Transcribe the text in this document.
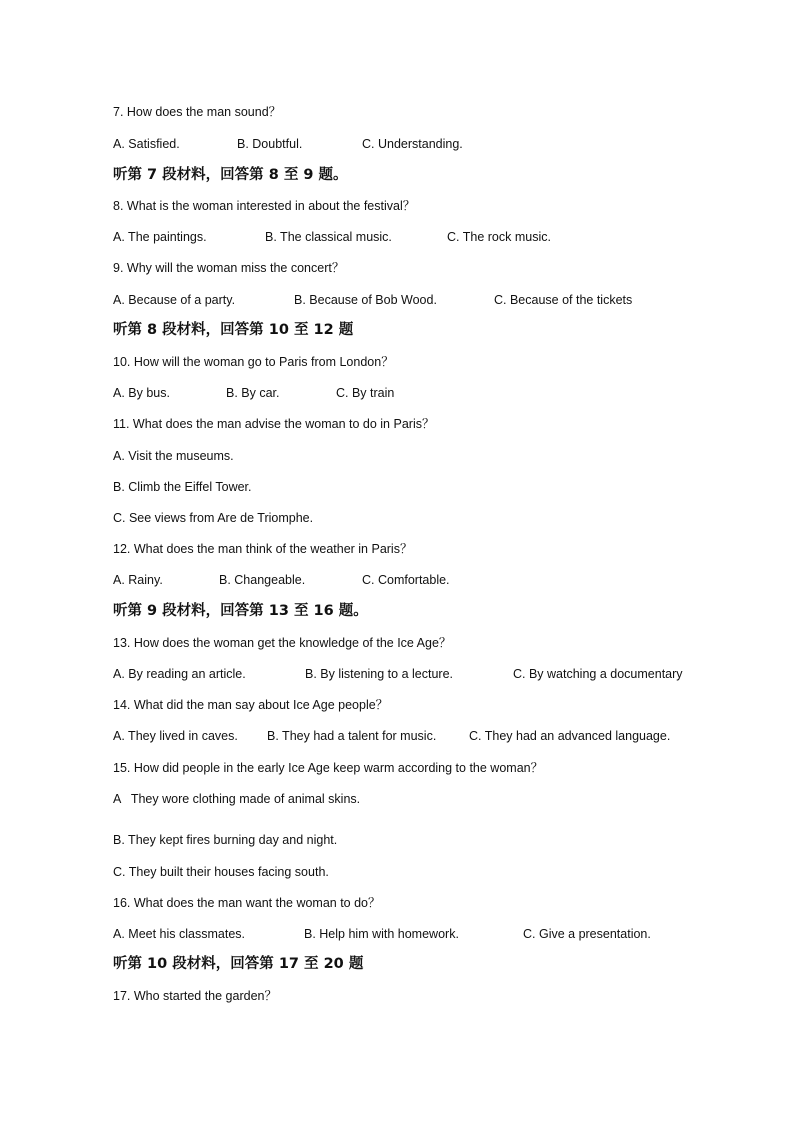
7. How does the man sound？
A. Satisfied.	B. Doubtful.	C. Understanding.
听第 7 段材料，回答第 8 至 9 题。
8. What is the woman interested in about the festival？
A. The paintings.	B. The classical music.	C. The rock music.
9. Why will the woman miss the concert？
A. Because of a party.	B. Because of Bob Wood.	C. Because of the tickets
听第 8 段材料，回答第 10 至 12 题
10. How will the woman go to Paris from London？
A. By bus.	B. By car.	C. By train
11. What does the man advise the woman to do in Paris？
A. Visit the museums.
B. Climb the Eiffel Tower.
C. See views from Are de Triomphe.
12. What does the man think of the weather in Paris？
A. Rainy.	B. Changeable.	C. Comfortable.
听第 9 段材料，回答第 13 至 16 题。
13. How does the woman get the knowledge of the Ice Age？
A. By reading an article.	B. By listening to a lecture.	C. By watching a documentary
14. What did the man say about Ice Age people？
A. They lived in caves. B. They had a talent for music.	C. They had an advanced language.
15. How did people in the early Ice Age keep warm according to the woman？
A   They wore clothing made of animal skins.
B. They kept fires burning day and night.
C. They built their houses facing south.
16. What does the man want the woman to do？
A. Meet his classmates.	B. Help him with homework.	C. Give a presentation.
听第 10 段材料，回答第 17 至 20 题
17. Who started the garden？
